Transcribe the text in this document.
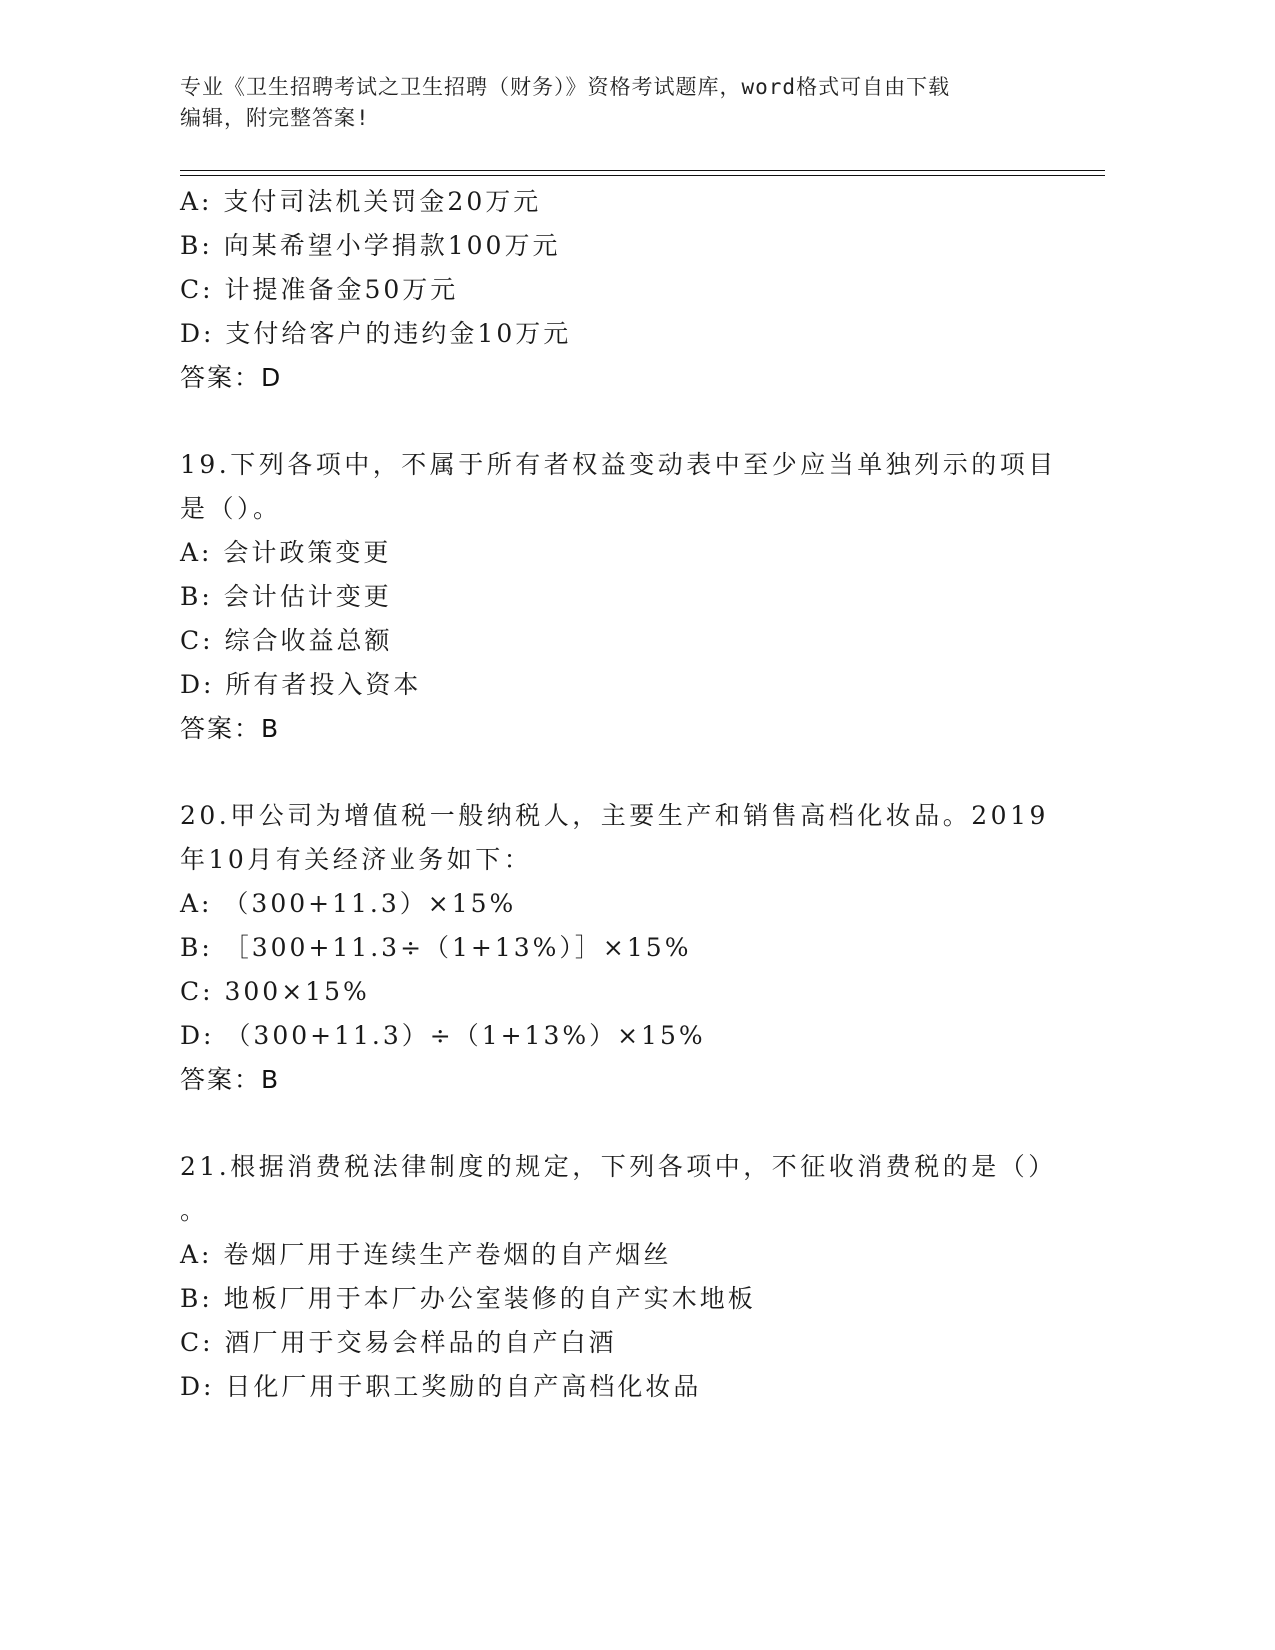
专业《卫生招聘考试之卫生招聘（财务）》资格考试题库，word格式可自由下载
编辑，附完整答案!
A: 支付司法机关罚金20万元
B: 向某希望小学捐款100万元
C: 计提准备金50万元
D: 支付给客户的违约金10万元
答案：D
19.下列各项中，不属于所有者权益变动表中至少应当单独列示的项目
是（）。
A: 会计政策变更
B: 会计估计变更
C: 综合收益总额
D: 所有者投入资本
答案：B
20.甲公司为增值税一般纳税人，主要生产和销售高档化妆品。2019
年10月有关经济业务如下：
A: （300+11.3）×15%
B: ［300+11.3÷（1+13%）］×15%
C: 300×15%
D: （300+11.3）÷（1+13%）×15%
答案：B
21.根据消费税法律制度的规定，下列各项中，不征收消费税的是（）
。
A: 卷烟厂用于连续生产卷烟的自产烟丝
B: 地板厂用于本厂办公室装修的自产实木地板
C: 酒厂用于交易会样品的自产白酒
D: 日化厂用于职工奖励的自产高档化妆品
